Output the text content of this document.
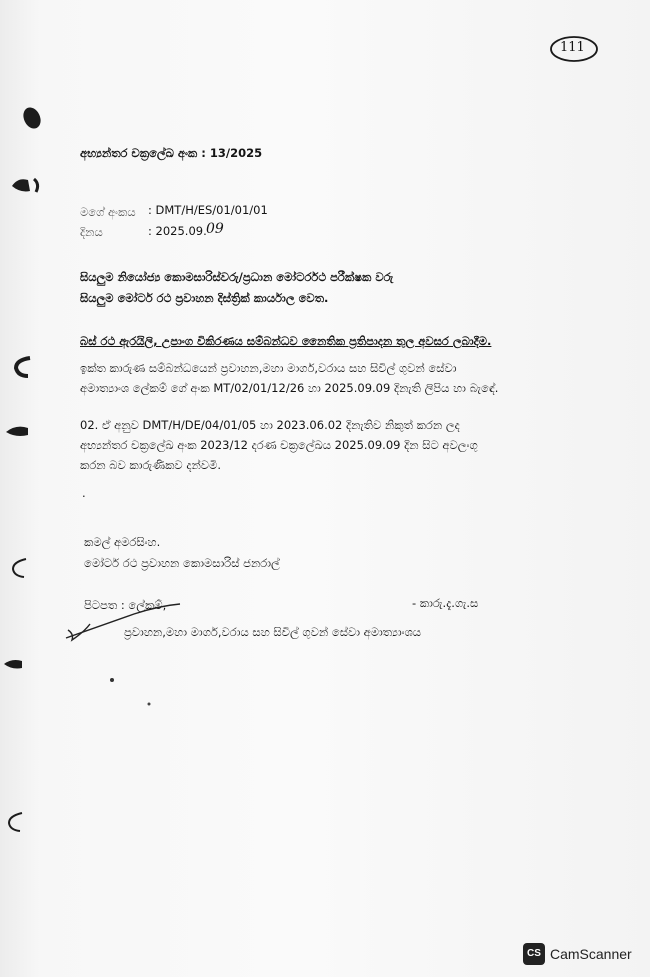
111
අභ්‍යන්තර චක්‍රලේඛ අංක : 13/2025
මගේ අංකය : DMT/H/ES/01/01/01
දිනය	: 2025.09. 09
සියලුම නියෝජ්‍ය කොමසාරිස්වරු/ප්‍රධාන මෝටර්රථ පරීක්ෂක වරු
සියලුම මෝටර් රථ ප්‍රවාහන දිස්ත්‍රික් කාර්යාල වෙත.
බස් රථ ඇරයිලි, උපාංග විකිරණය සම්බන්ධව නෛතික ප්‍රතිපාදන තුල අවසර ලබාදීම.
ඉක්ත කාරුණ සම්බන්ධයෙන් ප්‍රවාහන,මහා මාර්ග,වරාය සහ සිවිල් ගුවන් සේවා අමාත්‍යාංශ ලේකම් ගේ අංක MT/02/01/12/26 හා 2025.09.09 දිනැති ලිපිය හා බැඳේ.
02. ඒ අනුව DMT/H/DE/04/01/05 හා 2023.06.02 දිනැතිව නිකුත් කරන ලද අභ්‍යන්තර චක්‍රලේඛ අංක 2023/12 දරණ චක්‍රලේඛය 2025.09.09 දින සිට අවලංගු කරන බව කාරුණිකව දන්වමි.
.
කමල් අමරසිංහ.
මෝටර් රථ ප්‍රවාහන කොමසාරිස් ජනරාල්
පිටපත : ලේකම්,	- කාරු.දැ.ගැ.ස
ප්‍රවාහන,මහා මාර්ග,වරාය සහ සිවිල් ගුවන් සේවා අමාත්‍යාංශය
CS CamScanner
